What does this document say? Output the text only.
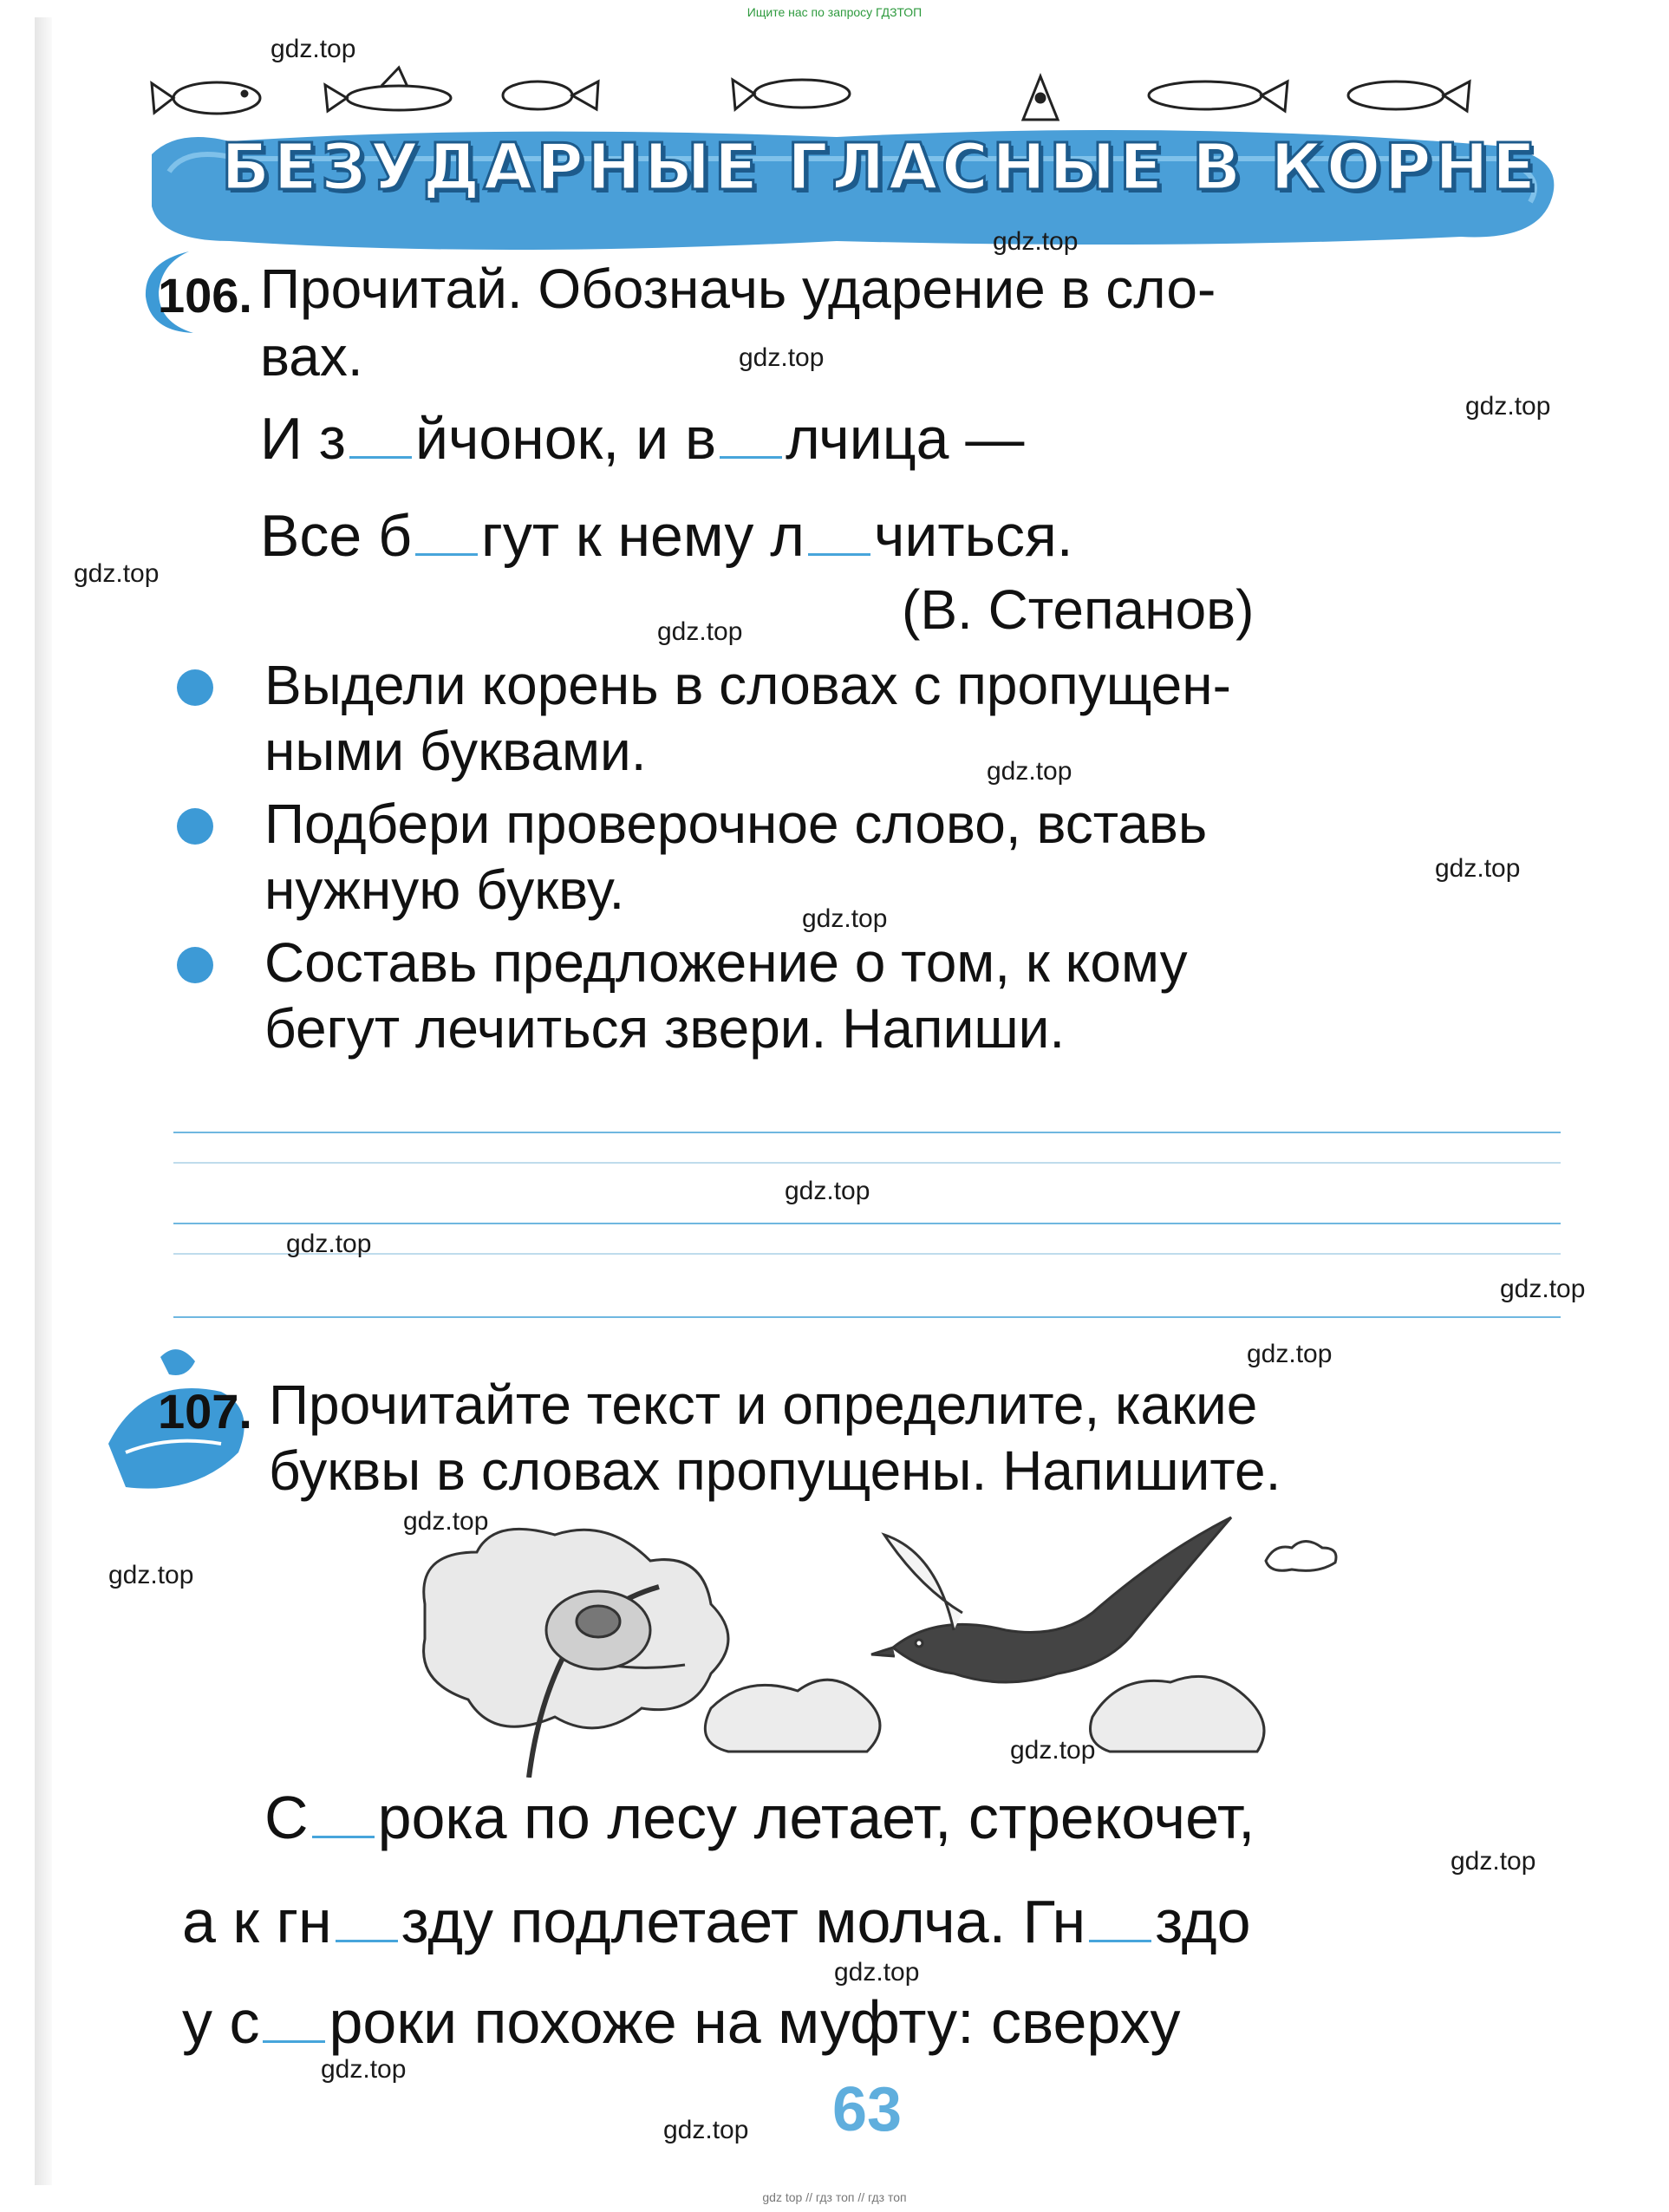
Ищите нас по запросу ГДЗТОП
БЕЗУДАРНЫЕ ГЛАСНЫЕ В КОРНЕ
106. Прочитай. Обозначь ударение в сло-
вах.
И з йчонок, и в лчица —
Все б гут к нему л читься.
(В. Степанов)
Выдели корень в словах с пропущен-
ными буквами.
Подбери проверочное слово, вставь
нужную букву.
Составь предложение о том, к кому
бегут лечиться звери. Напиши.
107. Прочитайте текст и определите, какие
буквы в словах пропущены. Напишите.
С рока по лесу летает, стрекочет,
а к гн зду подлетает молча. Гн здо
у с роки похоже на муфту: сверху
63
gdz top // гдз топ // гдз топ
gdz.top
gdz.top
gdz.top
gdz.top
gdz.top
gdz.top
gdz.top
gdz.top
gdz.top
gdz.top
gdz.top
gdz.top
gdz.top
gdz.top
gdz.top
gdz.top
gdz.top
gdz.top
gdz.top
gdz.top
